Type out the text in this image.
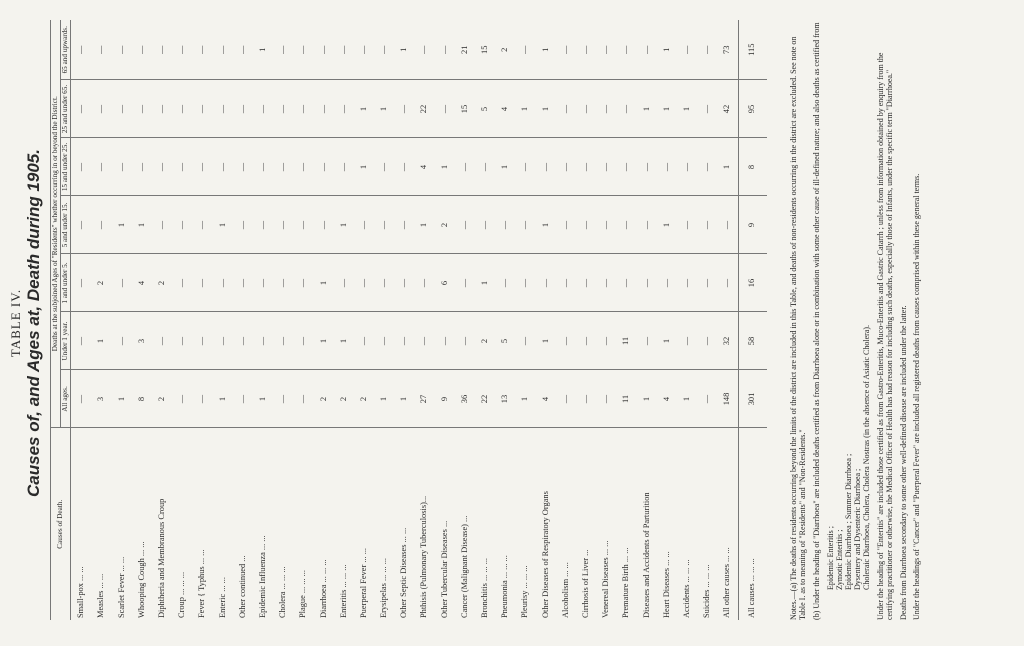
TABLE IV. Causes of, and Ages at, Death during 1905.
Causes of Death.	Deaths at the subjoined Ages of "Residents" whether occurring in or beyond the District.						
	All ages.	Under 1 year.	1 and under 5.	5 and under 15.	15 and under 25.	25 and under 65.	65 and upwards.
Small-pox ... ...	—	—	—	—	—	—	—
Measles ... ...	3	1	2	—	—	—	—
Scarlet Fever ... ...	1	—	—	1	—	—	—
Whooping Cough ... ...	8	3	4	1	—	—	—
Diphtheria and Membranous Croup	2	—	2	—	—	—	—
Croup ... ... ...	—	—	—	—	—	—	—
Fever { Typhus ... ...	—	—	—	—	—	—	—
Enteric ... ...	1	—	—	1	—	—	—
Other continued ...	—	—	—	—	—	—	—
Epidemic Influenza ... ...	1	—	—	—	—	—	1
Cholera ... ... ...	—	—	—	—	—	—	—
Plague ... ... ...	—	—	—	—	—	—	—
Diarrhoea ... ... ...	2	1	1	—	—	—	—
Enteritis ... ... ...	2	1	—	1	—	—	—
Puerperal Fever ... ...	2	—	—	—	1	1	—
Erysipelas ... ... ...	1	—	—	—	—	1	—
Other Septic Diseases ... ...	1	—	—	—	—	—	1
Phthisis (Pulmonary Tuberculosis)...	27	—	—	1	4	22	—
Other Tubercular Diseases ...	9	—	6	2	1	—	—
Cancer (Malignant Disease) ...	36	—	—	—	—	15	21
Bronchitis ... ... ...	22	2	1	—	—	5	15
Pneumonia ... ... ...	13	5	—	—	1	4	2
Pleurisy ... ... ...	1	—	—	—	—	1	—
Other Diseases of Respiratory Organs	4	1	—	1	—	1	1
Alcoholism ... ...	—	—	—	—	—	—	—
Cirrhosis of Liver ...	—	—	—	—	—	—	—
Venereal Diseases ... ...	—	—	—	—	—	—	—
Premature Birth ... ...	11	11	—	—	—	—	—
Diseases and Accidents of Parturition	1	—	—	—	—	1	—
Heart Diseases ... ...	4	1	—	1	—	1	1
Accidents ... ... ...	1	—	—	—	—	1	—
Suicides ... ... ...	—	—	—	—	—	—	—
All other causes ... ...	148	32	—	—	1	42	73
All causes ... ... ...	301	58	16	9	8	95	115	Notes.—(a) The deaths of residents occurring beyond the limits of the district are included in this Table, and deaths of non-residents occurring in the district are excluded. See note on Table I. as to meaning of "Residents" and "Non-Residents." (b) Under the heading of "Diarrhoea" are included deaths certified as from Diarrhoea alone or in combination with some other cause of ill-defined nature; and also deaths as certified from Epidemic Enteritis ; Zymotic Enteritis ; Epidemic Diarrhoea ; Summer Diarrhoea ; Dysentery and Dysenteric Diarrhoea ; Choleraic Diarrhoea, Cholera, Cholera Nostras (in the absence of Asiatic Cholera). Under the heading of "Enteritis" are included those certified as from Gastro-Enteritis, Muco-Enteritis and Gastric Catarrh ; unless from information obtained by enquiry from the certifying practitioner or otherwise, the Medical Officer of Health has had reason for including such deaths, especially those of Infants, under the specific term "Diarrhoea." Deaths from Diarrhoea secondary to some other well-defined disease are included under the latter. Under the headings of "Cancer" and "Puerperal Fever" are included all registered deaths from causes comprised within these general terms.
